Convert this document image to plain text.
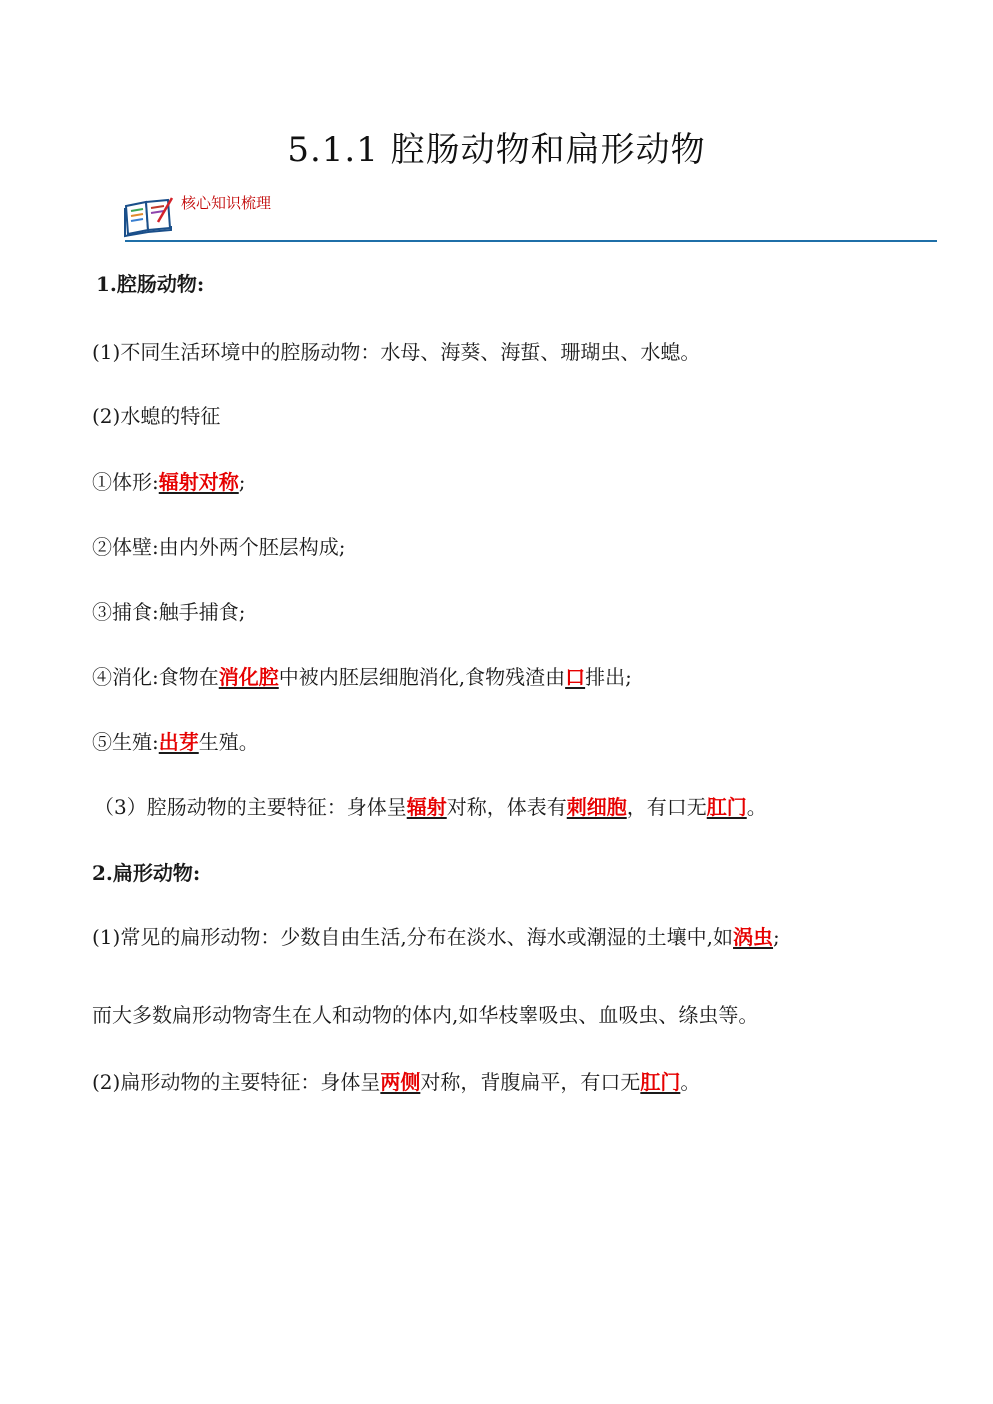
5.1.1 腔肠动物和扁形动物
核心知识梳理
1.腔肠动物:
(1)不同生活环境中的腔肠动物：水母、海葵、海蜇、珊瑚虫、水螅。
(2)水螅的特征
①体形:辐射对称;
②体壁:由内外两个胚层构成;
③捕食:触手捕食;
④消化:食物在消化腔中被内胚层细胞消化,食物残渣由口排出;
⑤生殖:出芽生殖。
（3）腔肠动物的主要特征：身体呈辐射对称，体表有刺细胞，有口无肛门。
2.扁形动物:
(1)常见的扁形动物：少数自由生活,分布在淡水、海水或潮湿的土壤中,如涡虫;
而大多数扁形动物寄生在人和动物的体内,如华枝睾吸虫、血吸虫、绦虫等。
(2)扁形动物的主要特征：身体呈两侧对称，背腹扁平，有口无肛门。
